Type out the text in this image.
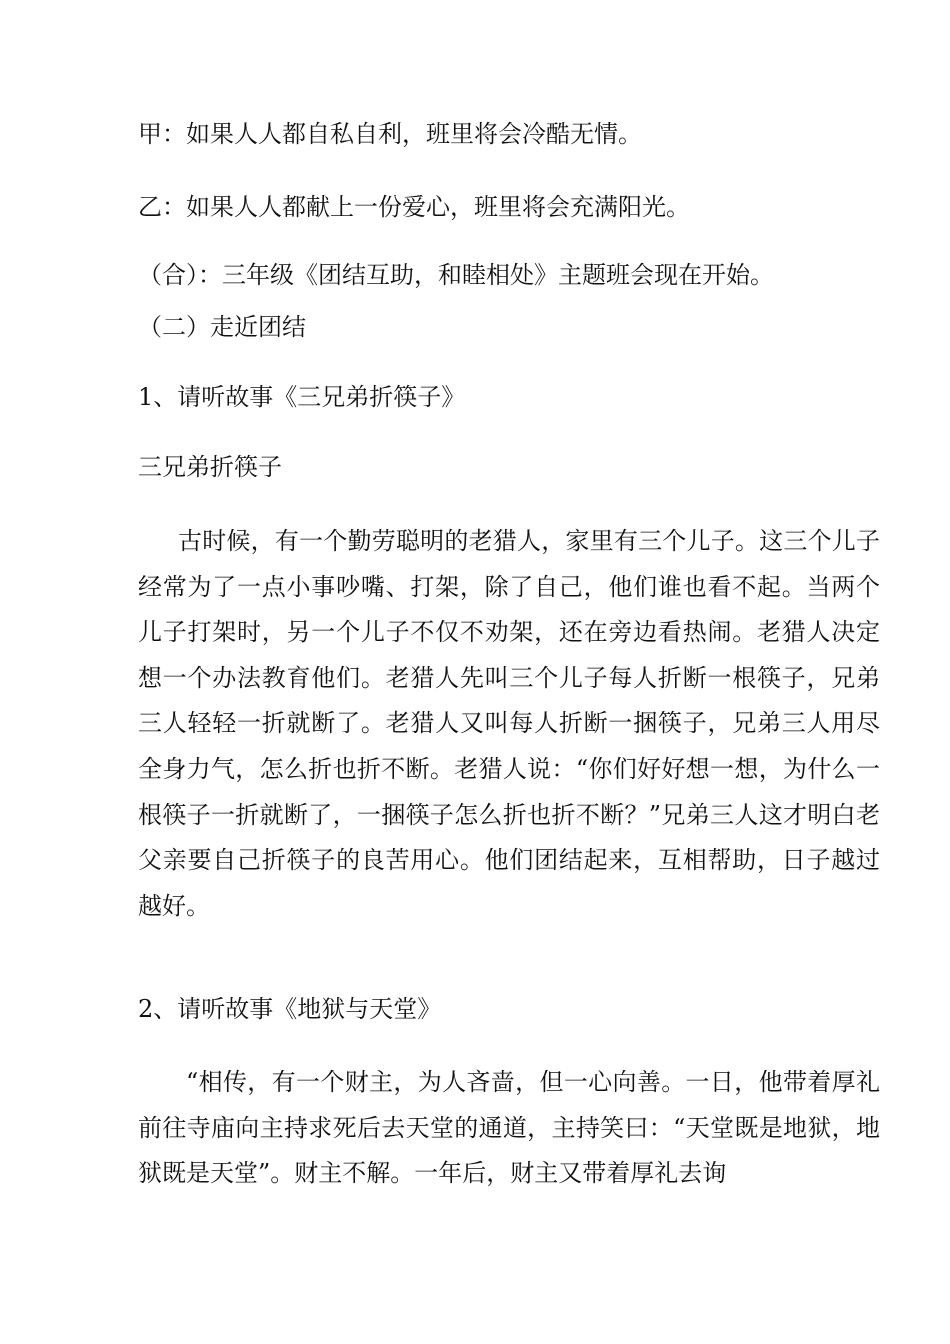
甲：如果人人都自私自利，班里将会冷酷无情。
乙：如果人人都献上一份爱心，班里将会充满阳光。
（合）：三年级《团结互助，和睦相处》主题班会现在开始。
（二）走近团结
1、请听故事《三兄弟折筷子》
三兄弟折筷子
古时候，有一个勤劳聪明的老猎人，家里有三个儿子。这三个儿子经常为了一点小事吵嘴、打架，除了自己，他们谁也看不起。当两个儿子打架时，另一个儿子不仅不劝架，还在旁边看热闹。老猎人决定想一个办法教育他们。老猎人先叫三个儿子每人折断一根筷子，兄弟三人轻轻一折就断了。老猎人又叫每人折断一捆筷子，兄弟三人用尽全身力气，怎么折也折不断。老猎人说：“你们好好想一想，为什么一根筷子一折就断了，一捆筷子怎么折也折不断？”兄弟三人这才明白老父亲要自己折筷子的良苦用心。他们团结起来，互相帮助，日子越过越好。
2、请听故事《地狱与天堂》
“相传，有一个财主，为人吝啬，但一心向善。一日，他带着厚礼前往寺庙向主持求死后去天堂的通道，主持笑曰：“天堂既是地狱，地狱既是天堂”。财主不解。一年后，财主又带着厚礼去询
